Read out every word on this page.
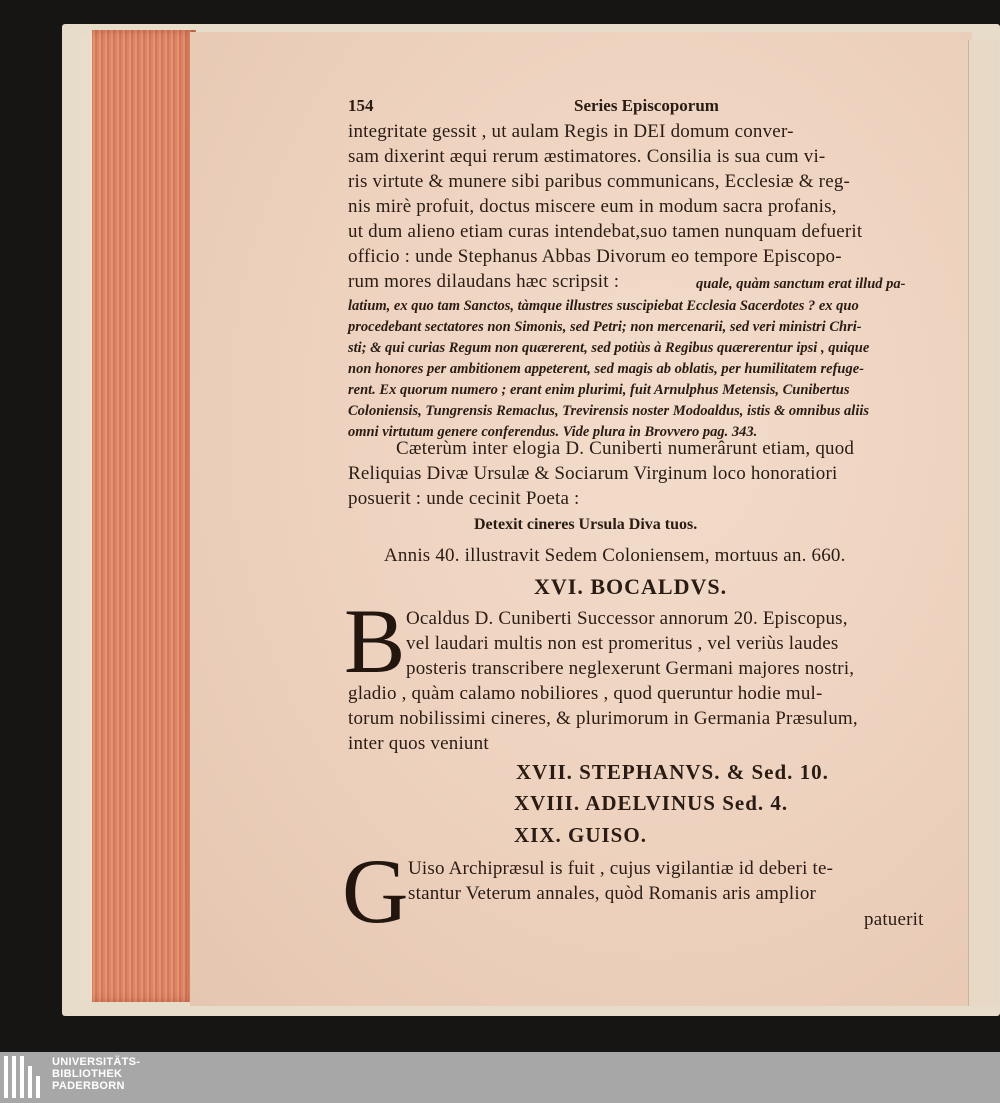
154	Series Episcoporum
integritate gessit , ut aulam Regis in DEI domum conver-
sam dixerint æqui rerum æstimatores. Consilia is sua cum vi-
ris virtute & munere sibi paribus communicans, Ecclesiæ & reg-
nis mirè profuit, doctus miscere eum in modum sacra profanis,
ut dum alieno etiam curas intendebat,suo tamen nunquam defuerit
officio : unde Stephanus Abbas Divorum eo tempore Episcopo-
rum mores dilaudans hæc scripsit :	quale, quàm sanctum erat illud pa-
latium, ex quo tam Sanctos, tàmque illustres suscipiebat Ecclesia Sacerdotes ? ex quo
procedebant sectatores non Simonis, sed Petri; non mercenarii, sed veri ministri Chri-
sti; & qui curias Regum non quærerent, sed potiùs à Regibus quærerentur ipsi , quique
non honores per ambitionem appeterent, sed magis ab oblatis, per humilitatem refuge-
rent. Ex quorum numero ; erant enim plurimi, fuit Arnulphus Metensis, Cunibertus
Coloniensis, Tungrensis Remaclus, Trevirensis noster Modoaldus, istis & omnibus aliis
omni virtutum genere conferendus. Vide plura in Brovvero pag. 343.
Cæterùm inter elogia D. Cuniberti numerârunt etiam, quod
Reliquias Divæ Ursulæ & Sociarum Virginum loco honoratiori
posuerit : unde cecinit Poeta :
Detexit cineres Ursula Diva tuos.
Annis 40. illustravit Sedem Coloniensem, mortuus an. 660.
XVI. BOCALDVS.
B Ocaldus D. Cuniberti Successor annorum 20. Episcopus,
vel laudari multis non est promeritus , vel veriùs laudes
posteris transcribere neglexerunt Germani majores nostri,
gladio , quàm calamo nobiliores , quod queruntur hodie mul-
torum nobilissimi cineres, & plurimorum in Germania Præsulum,
inter quos veniunt
XVII. STEPHANVS. & Sed. 10.
XVIII. ADELVINUS Sed. 4.
XIX. GUISO.
G Uiso Archipræsul is fuit , cujus vigilantiæ id deberi te-
stantur Veterum annales, quòd Romanis aris amplior
patuerit
UNIVERSITÄTS-
BIBLIOTHEK
PADERBORN
